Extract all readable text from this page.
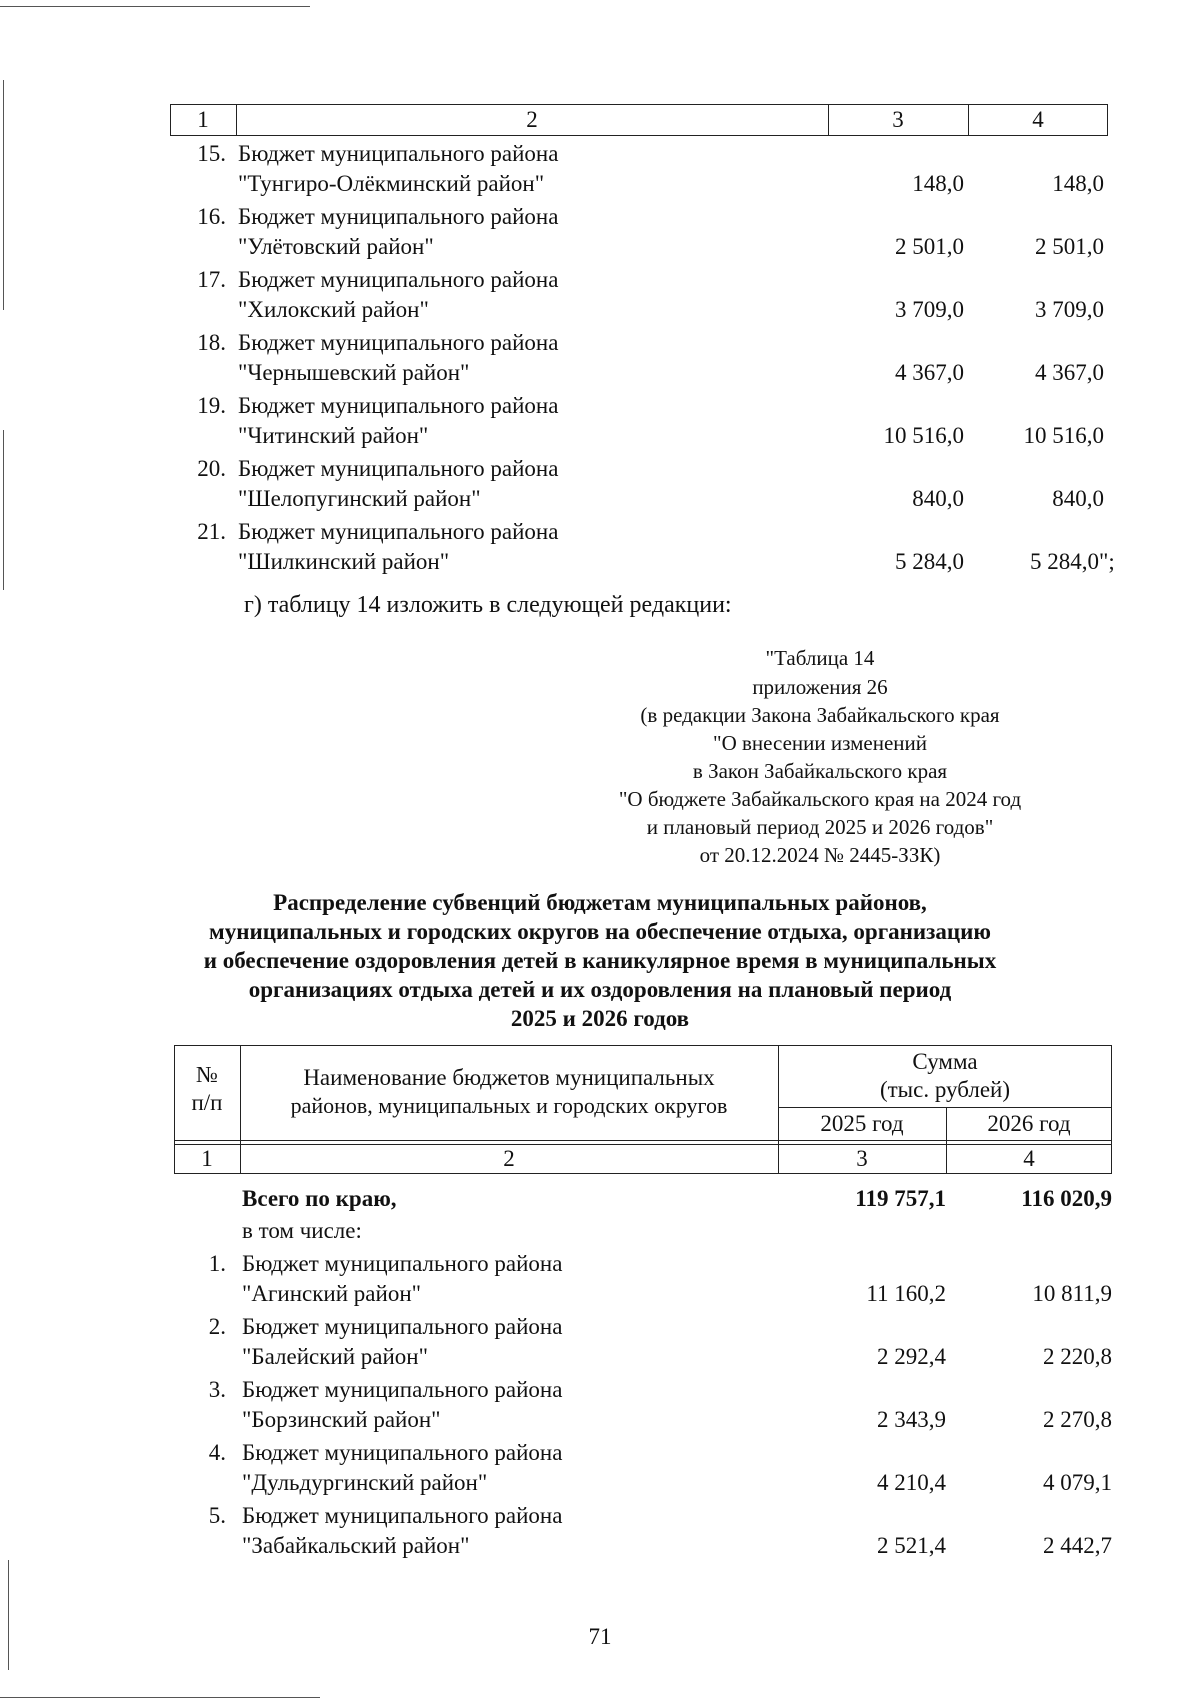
1	2	3	4
15. Бюджет муниципального района
"Тунгиро-Олёкминский район"	148,0	148,0
16. Бюджет муниципального района
"Улётовский район"	2 501,0	2 501,0
17. Бюджет муниципального района
"Хилокский район"	3 709,0	3 709,0
18. Бюджет муниципального района
"Чернышевский район"	4 367,0	4 367,0
19. Бюджет муниципального района
"Читинский район"	10 516,0	10 516,0
20. Бюджет муниципального района
"Шелопугинский район"	840,0	840,0
21. Бюджет муниципального района
"Шилкинский район"	5 284,0	5 284,0";
г) таблицу 14 изложить в следующей редакции:
"Таблица 14
приложения 26
(в редакции Закона Забайкальского края
"О внесении изменений
в Закон Забайкальского края
"О бюджете Забайкальского края на 2024 год
и плановый период 2025 и 2026 годов"
от 20.12.2024 № 2445-ЗЗК)
Распределение субвенций бюджетам муниципальных районов,
муниципальных и городских округов на обеспечение отдыха, организацию
и обеспечение оздоровления детей в каникулярное время в муниципальных
организациях отдыха детей и их оздоровления на плановый период
2025 и 2026 годов
№
п/п
Наименование бюджетов муниципальных
районов, муниципальных и городских округов
Сумма
(тыс. рублей)
2025 год	2026 год
1	2	3	4
Всего по краю,	119 757,1	116 020,9
в том числе:
1. Бюджет муниципального района
"Агинский район"	11 160,2	10 811,9
2. Бюджет муниципального района
"Балейский район"	2 292,4	2 220,8
3. Бюджет муниципального района
"Борзинский район"	2 343,9	2 270,8
4. Бюджет муниципального района
"Дульдургинский район"	4 210,4	4 079,1
5. Бюджет муниципального района
"Забайкальский район"	2 521,4	2 442,7
71
